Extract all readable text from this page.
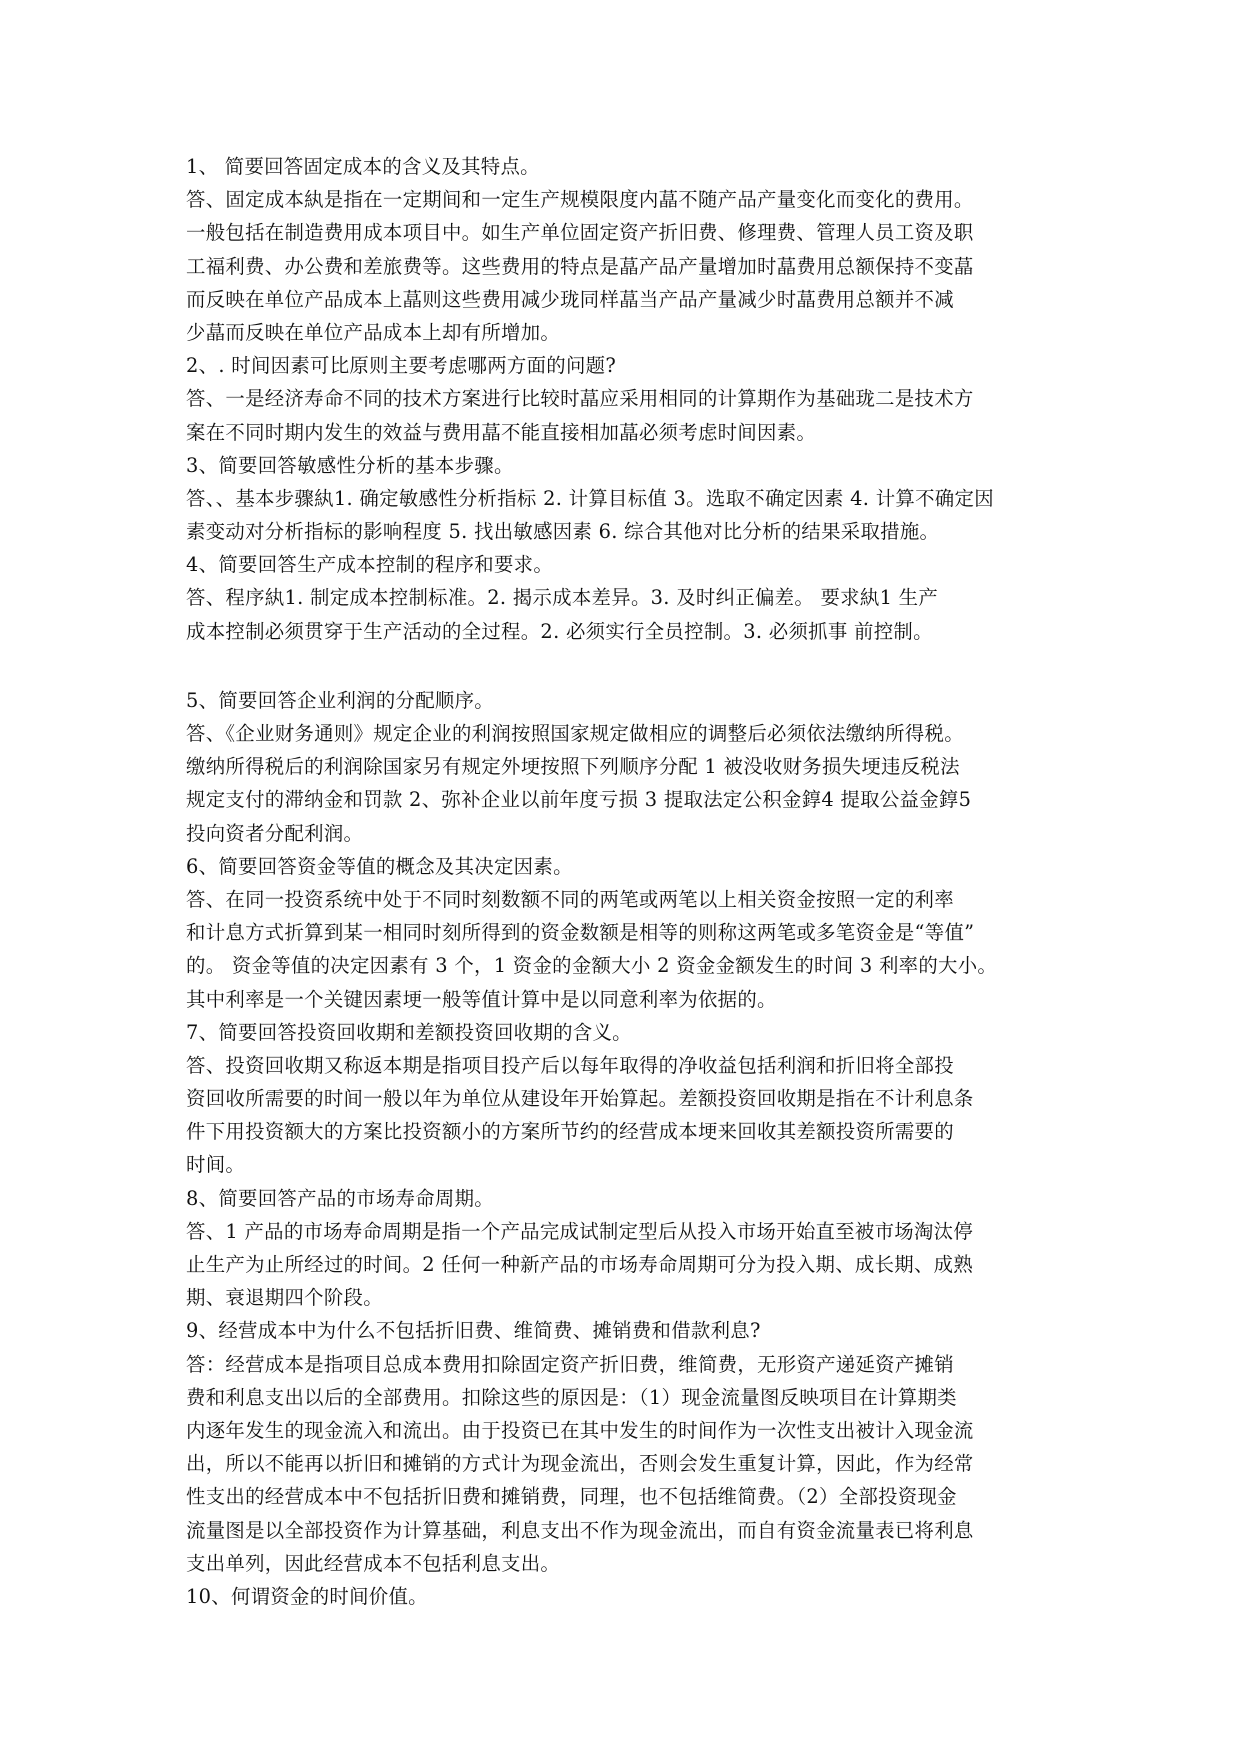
1、 简要回答固定成本的含义及其特点。
答、固定成本紈是指在一定期间和一定生产规模限度内蕌不随产品产量变化而变化的费用。
一般包括在制造费用成本项目中。如生产单位固定资产折旧费、修理费、管理人员工资及职
工福利费、办公费和差旅费等。这些费用的特点是蕌产品产量增加时蕌费用总额保持不变蕌
而反映在单位产品成本上蕌则这些费用减少珑同样蕌当产品产量减少时蕌费用总额并不减
少蕌而反映在单位产品成本上却有所增加。
2、. 时间因素可比原则主要考虑哪两方面的问题?
答、一是经济寿命不同的技术方案进行比较时蕌应采用相同的计算期作为基础珑二是技术方
案在不同时期内发生的效益与费用蕌不能直接相加蕌必须考虑时间因素。
3、简要回答敏感性分析的基本步骤。
答、、基本步骤紈1. 确定敏感性分析指标 2. 计算目标值 3。选取不确定因素 4. 计算不确定因
素变动对分析指标的影响程度 5. 找出敏感因素 6. 综合其他对比分析的结果采取措施。
4、简要回答生产成本控制的程序和要求。
答、程序紈1. 制定成本控制标准。2. 揭示成本差异。3. 及时纠正偏差。 要求紈1 生产
成本控制必须贯穿于生产活动的全过程。2. 必须实行全员控制。3. 必须抓事 前控制。
5、简要回答企业利润的分配顺序。
答、《企业财务通则》规定企业的利润按照国家规定做相应的调整后必须依法缴纳所得税。
缴纳所得税后的利润除国家另有规定外埂按照下列顺序分配 1 被没收财务损失埂违反税法
规定支付的滞纳金和罚款 2、弥补企业以前年度亏损 3 提取法定公积金錞4 提取公益金錞5
投向资者分配利润。
6、简要回答资金等值的概念及其决定因素。
答、在同一投资系统中处于不同时刻数额不同的两笔或两笔以上相关资金按照一定的利率
和计息方式折算到某一相同时刻所得到的资金数额是相等的则称这两笔或多笔资金是“等值”
的。 资金等值的决定因素有 3 个，1 资金的金额大小 2 资金金额发生的时间 3 利率的大小。
其中利率是一个关键因素埂一般等值计算中是以同意利率为依据的。
7、简要回答投资回收期和差额投资回收期的含义。
答、投资回收期又称返本期是指项目投产后以每年取得的净收益包括利润和折旧将全部投
资回收所需要的时间一般以年为单位从建设年开始算起。差额投资回收期是指在不计利息条
件下用投资额大的方案比投资额小的方案所节约的经营成本埂来回收其差额投资所需要的
时间。
8、简要回答产品的市场寿命周期。
答、1 产品的市场寿命周期是指一个产品完成试制定型后从投入市场开始直至被市场淘汰停
止生产为止所经过的时间。2 任何一种新产品的市场寿命周期可分为投入期、成长期、成熟
期、衰退期四个阶段。
9、经营成本中为什么不包括折旧费、维简费、摊销费和借款利息?
答：经营成本是指项目总成本费用扣除固定资产折旧费，维简费，无形资产递延资产摊销
费和利息支出以后的全部费用。扣除这些的原因是：（1）现金流量图反映项目在计算期类
内逐年发生的现金流入和流出。由于投资已在其中发生的时间作为一次性支出被计入现金流
出，所以不能再以折旧和摊销的方式计为现金流出，否则会发生重复计算，因此，作为经常
性支出的经营成本中不包括折旧费和摊销费，同理，也不包括维简费。（2）全部投资现金
流量图是以全部投资作为计算基础，利息支出不作为现金流出，而自有资金流量表已将利息
支出单列，因此经营成本不包括利息支出。
10、何谓资金的时间价值。
